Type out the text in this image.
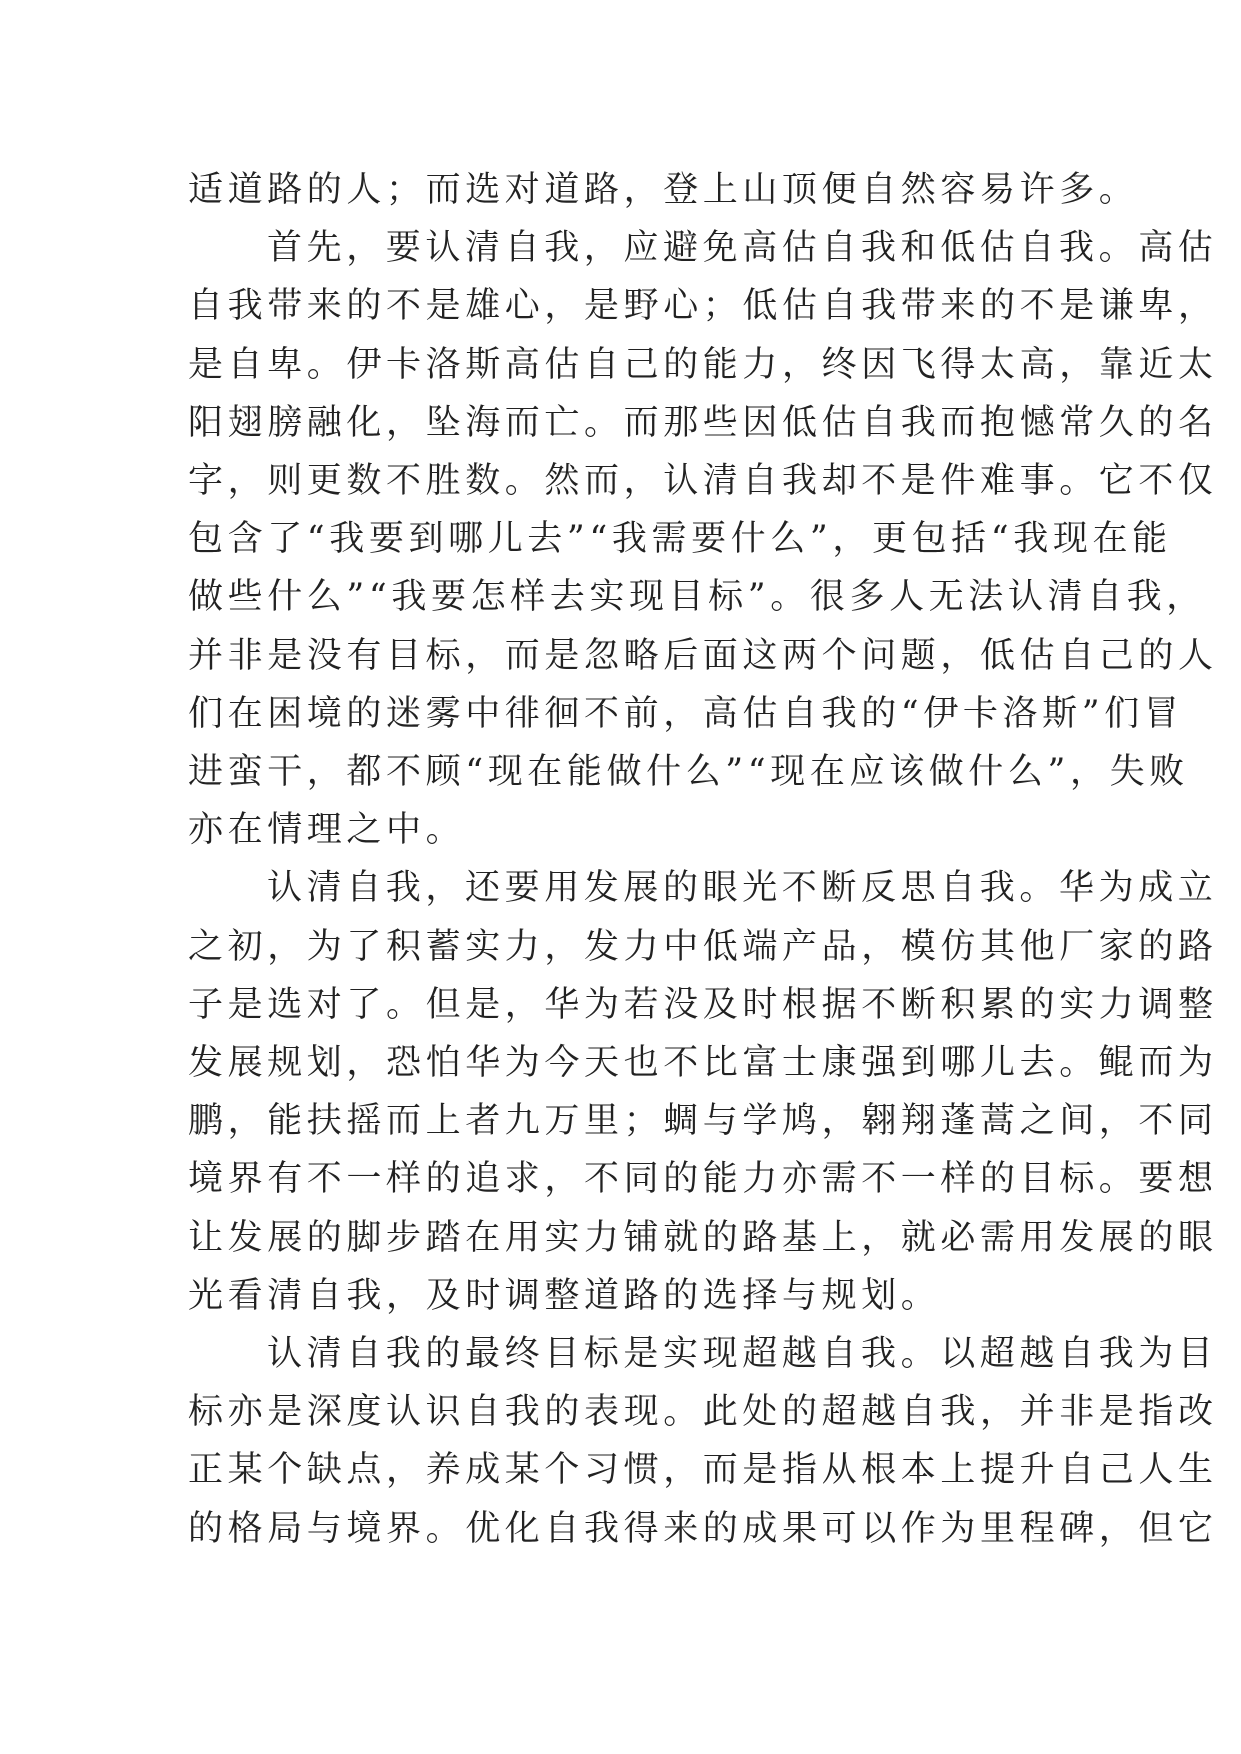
适道路的人；而选对道路，登上山顶便自然容易许多。
首先，要认清自我，应避免高估自我和低估自我。高估
自我带来的不是雄心，是野心；低估自我带来的不是谦卑，
是自卑。伊卡洛斯高估自己的能力，终因飞得太高，靠近太
阳翅膀融化，坠海而亡。而那些因低估自我而抱憾常久的名
字，则更数不胜数。然而，认清自我却不是件难事。它不仅
包含了“我要到哪儿去”“我需要什么”，更包括“我现在能
做些什么”“我要怎样去实现目标”。很多人无法认清自我，
并非是没有目标，而是忽略后面这两个问题，低估自己的人
们在困境的迷雾中徘徊不前，高估自我的“伊卡洛斯”们冒
进蛮干，都不顾“现在能做什么”“现在应该做什么”，失败
亦在情理之中。
认清自我，还要用发展的眼光不断反思自我。华为成立
之初，为了积蓄实力，发力中低端产品，模仿其他厂家的路
子是选对了。但是，华为若没及时根据不断积累的实力调整
发展规划，恐怕华为今天也不比富士康强到哪儿去。鲲而为
鹏，能扶摇而上者九万里；蜩与学鸠，翱翔蓬蒿之间，不同
境界有不一样的追求，不同的能力亦需不一样的目标。要想
让发展的脚步踏在用实力铺就的路基上，就必需用发展的眼
光看清自我，及时调整道路的选择与规划。
认清自我的最终目标是实现超越自我。以超越自我为目
标亦是深度认识自我的表现。此处的超越自我，并非是指改
正某个缺点，养成某个习惯，而是指从根本上提升自己人生
的格局与境界。优化自我得来的成果可以作为里程碑，但它
